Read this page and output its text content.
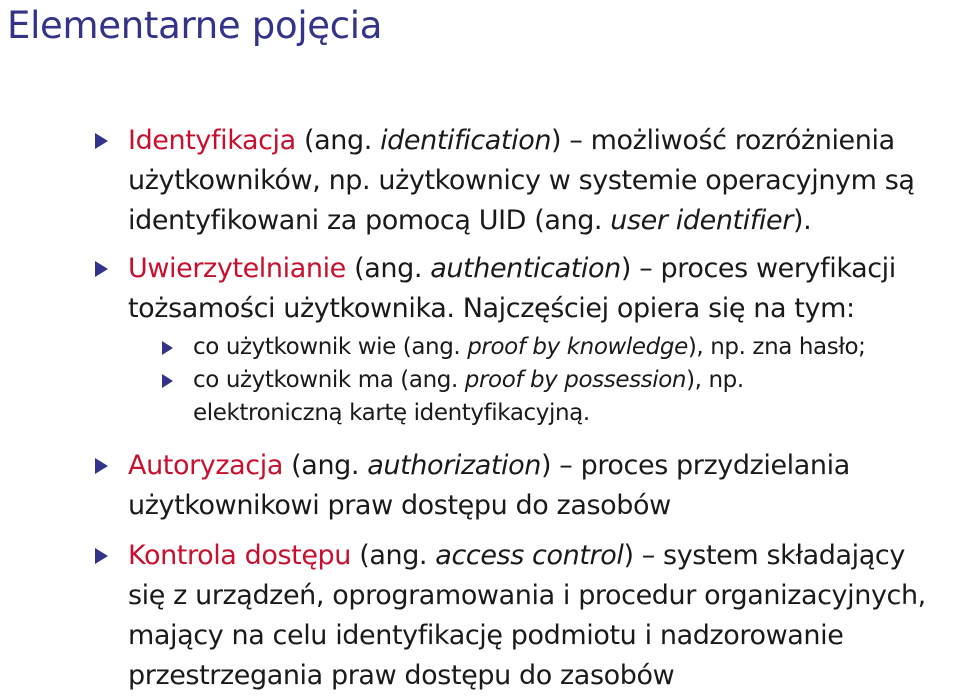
Elementarne pojęcia
Identyfikacja (ang. identification) – możliwość rozróżnienia
użytkowników, np. użytkownicy w systemie operacyjnym są
identyfikowani za pomocą UID (ang. user identifier).
Uwierzytelnianie (ang. authentication) – proces weryfikacji
tożsamości użytkownika. Najczęściej opiera się na tym:
co użytkownik wie (ang. proof by knowledge), np. zna hasło;
co użytkownik ma (ang. proof by possession), np.
elektroniczną kartę identyfikacyjną.
Autoryzacja (ang. authorization) – proces przydzielania
użytkownikowi praw dostępu do zasobów
Kontrola dostępu (ang. access control) – system składający
się z urządzeń, oprogramowania i procedur organizacyjnych,
mający na celu identyfikację podmiotu i nadzorowanie
przestrzegania praw dostępu do zasobów
